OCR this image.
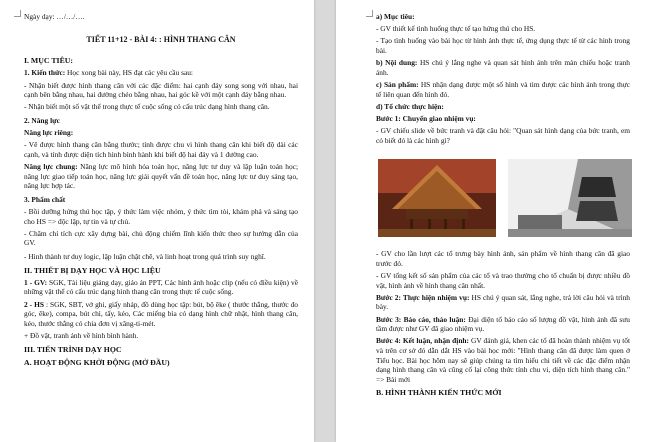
Ngày dạy: …/…/….

TIẾT 11+12 - BÀI 4: : HÌNH THANG CÂN

I. MỤC TIÊU:

1. Kiến thức: Học xong bài này, HS đạt các yêu cầu sau:

- Nhận biết được hình thang cân với các đặc điểm: hai cạnh đáy song song với nhau, hai cạnh bên bằng nhau, hai đường chéo bằng nhau, hai góc kề với một cạnh đáy bằng nhau.

- Nhận biết một số vật thể trong thực tế cuộc sống có cấu trúc dạng hình thang cân.

2. Năng lực

Năng lực riêng:

- Vẽ được hình thang cân bằng thước; tính được chu vi hình thang cân khi biết độ dài các cạnh, và tính được diện tích hình bình hành khi biết độ hai đáy và 1 đường cao.

Năng lực chung: Năng lực mô hình hóa toán học, năng lực tư duy và lập luận toán học; năng lực giao tiếp toán học, năng lực giải quyết vấn đề toán học, năng lực tư duy sáng tạo, năng lực hợp tác.

3. Phẩm chất

- Bồi dưỡng hứng thú học tập, ý thức làm việc nhóm, ý thức tìm tòi, khám phá và sáng tạo cho HS => độc lập, tự tin và tự chủ.

- Chăm chỉ tích cực xây dựng bài, chủ động chiếm lĩnh kiến thức theo sự hướng dẫn của GV.

- Hình thành tư duy logic, lập luận chặt chẽ, và linh hoạt trong quá trình suy nghĩ.

II. THIẾT BỊ DẠY HỌC VÀ HỌC LIỆU

1 - GV: SGK, Tài liệu giảng dạy, giáo án PPT, Các hình ảnh hoặc clip (nếu có điều kiện) về những vật thể có cấu trúc dạng hình thang cân trong thực tế cuộc sống.

2 - HS : SGK, SBT, vở ghi, giấy nháp, đồ dùng học tập: bút, bộ êke ( thước thẳng, thước đo góc, êke), compa, bút chì, tẩy, kéo, Các miếng bìa có dạng hình chữ nhật, hình thang cân, kéo, thước thẳng có chia đơn vị xăng-ti-mét.

+ Đồ vật, tranh ảnh về hình bình hành.

III. TIẾN TRÌNH DẠY HỌC

A. HOẠT ĐỘNG KHỞI ĐỘNG (MỞ ĐẦU)

a) Mục tiêu:

- GV thiết kế tình huống thực tế tạo hứng thú cho HS.

- Tạo tình huống vào bài học từ hình ảnh thực tế, ứng dụng thực tế từ các hình trong bài.

b) Nội dung: HS chú ý lắng nghe và quan sát hình ảnh trên màn chiếu hoặc tranh ảnh.

c) Sản phẩm: HS nhận dạng được một số hình và tìm được các hình ảnh trong thực tế liên quan đến hình đó.

d) Tổ chức thực hiện:

Bước 1: Chuyển giao nhiệm vụ:

- GV chiếu slide về bức tranh và đặt câu hỏi: "Quan sát hình dạng của bức tranh, em có biết đó là các hình gì?

- GV cho lần lượt các tổ trưng bày hình ảnh, sản phẩm về hình thang cân đã giao trước đó.

- GV tổng kết số sản phẩm của các tổ và trao thưởng cho tổ chuẩn bị được nhiều đồ vật, hình ảnh về hình thang cân nhất.

Bước 2: Thực hiện nhiệm vụ: HS chú ý quan sát, lắng nghe, trả lời câu hỏi và trình bày.

Bước 3: Báo cáo, thảo luận: Đại diện tổ báo cáo số lượng đồ vật, hình ảnh đã sưu tầm được như GV đã giao nhiệm vụ.

Bước 4: Kết luận, nhận định: GV đánh giá, khen các tổ đã hoàn thành nhiệm vụ tốt và trên cơ sở đó dẫn dắt HS vào bài học mới: "Hình thang cân đã được làm quen ở Tiểu học. Bài học hôm nay sẽ giúp chúng ta tìm hiểu chi tiết về các đặc điểm nhận dạng hình thang cân và cũng cố lại công thức tính chu vi, diện tích hình thang cân." => Bài mới

B. HÌNH THÀNH KIẾN THỨC MỚI
